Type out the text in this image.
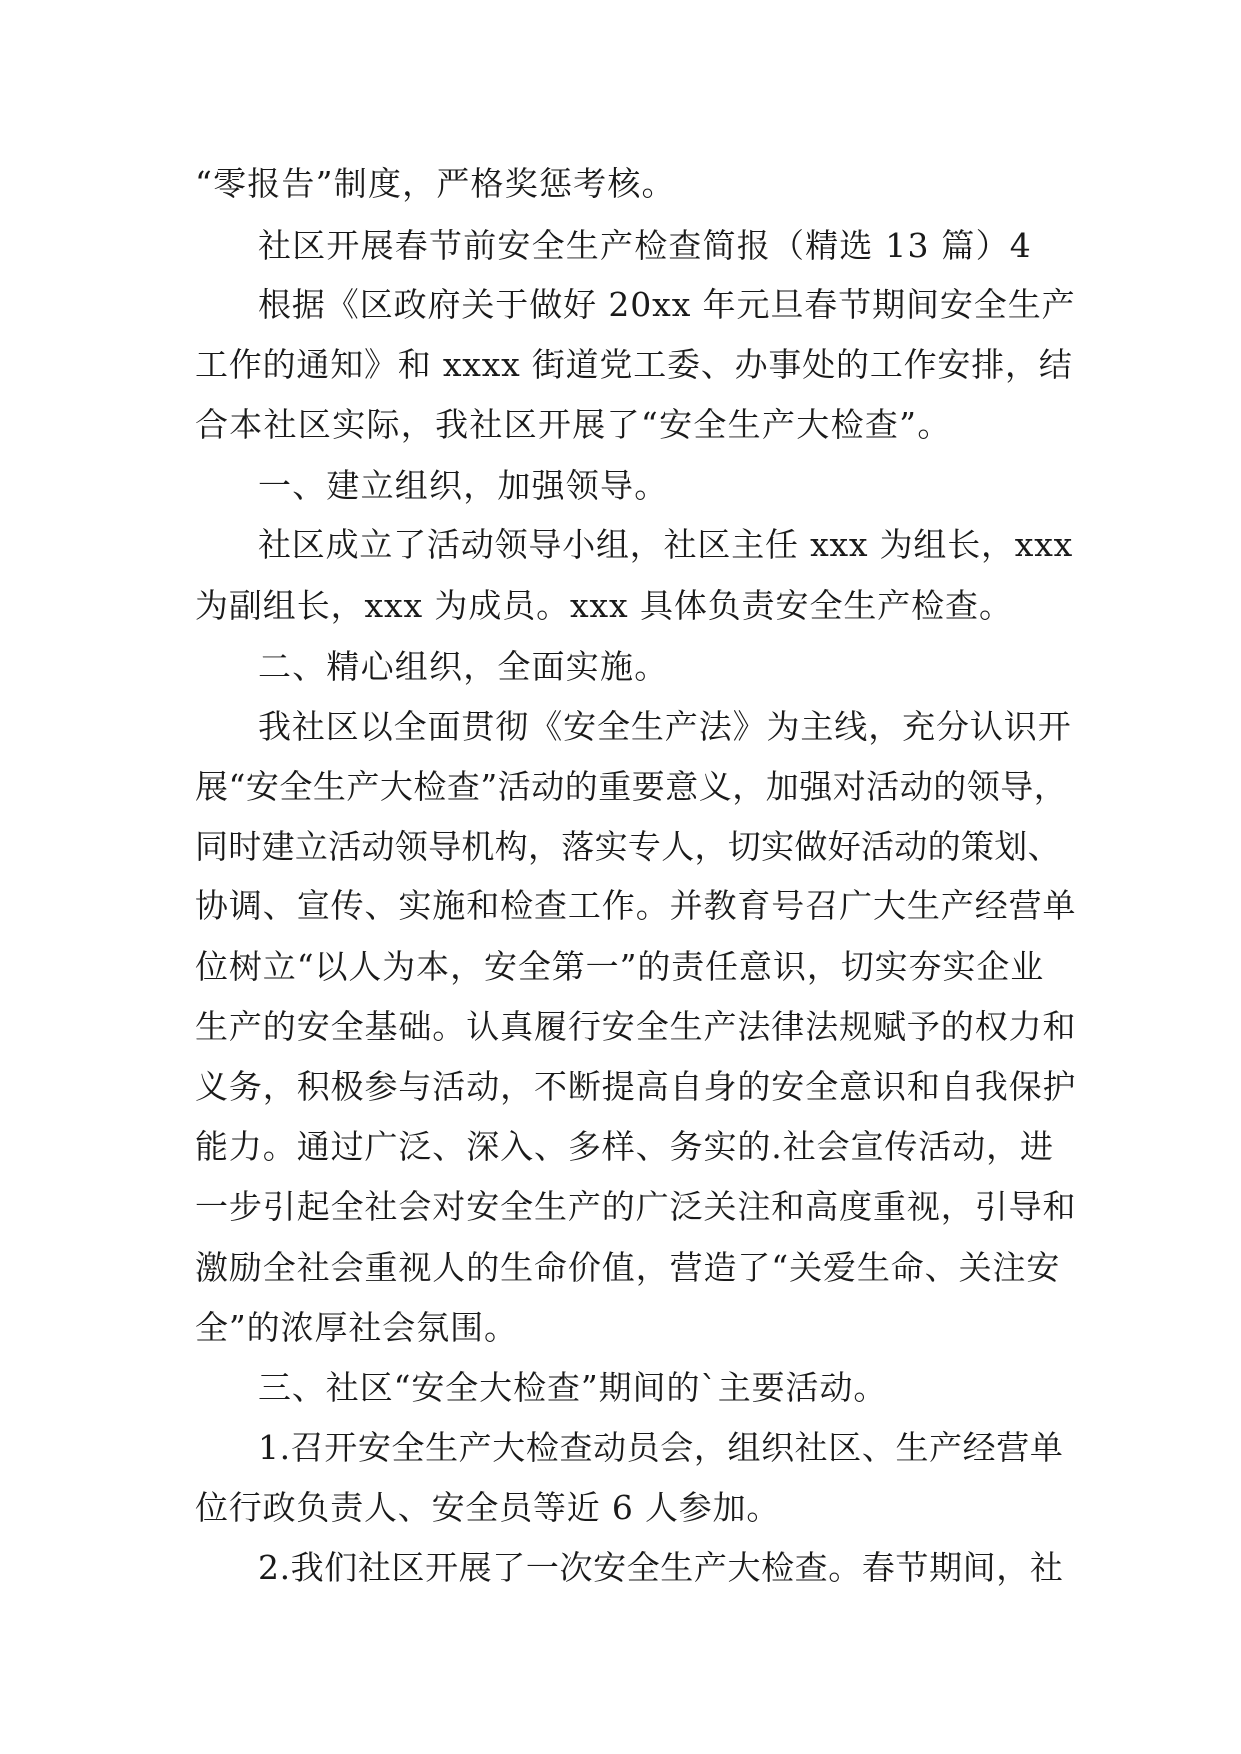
“零报告”制度，严格奖惩考核。
社区开展春节前安全生产检查简报（精选 13 篇）4
根据《区政府关于做好 20xx 年元旦春节期间安全生产
工作的通知》和 xxxx 街道党工委、办事处的工作安排，结
合本社区实际，我社区开展了“安全生产大检查”。
一、建立组织，加强领导。
社区成立了活动领导小组，社区主任 xxx 为组长，xxx
为副组长，xxx 为成员。xxx 具体负责安全生产检查。
二、精心组织，全面实施。
我社区以全面贯彻《安全生产法》为主线，充分认识开
展“安全生产大检查”活动的重要意义，加强对活动的领导，
同时建立活动领导机构，落实专人，切实做好活动的策划、
协调、宣传、实施和检查工作。并教育号召广大生产经营单
位树立“以人为本，安全第一”的责任意识，切实夯实企业
生产的安全基础。认真履行安全生产法律法规赋予的权力和
义务，积极参与活动，不断提高自身的安全意识和自我保护
能力。通过广泛、深入、多样、务实的.社会宣传活动，进
一步引起全社会对安全生产的广泛关注和高度重视，引导和
激励全社会重视人的生命价值，营造了“关爱生命、关注安
全”的浓厚社会氛围。
三、社区“安全大检查”期间的`主要活动。
1.召开安全生产大检查动员会，组织社区、生产经营单
位行政负责人、安全员等近 6 人参加。
2.我们社区开展了一次安全生产大检查。春节期间，社
